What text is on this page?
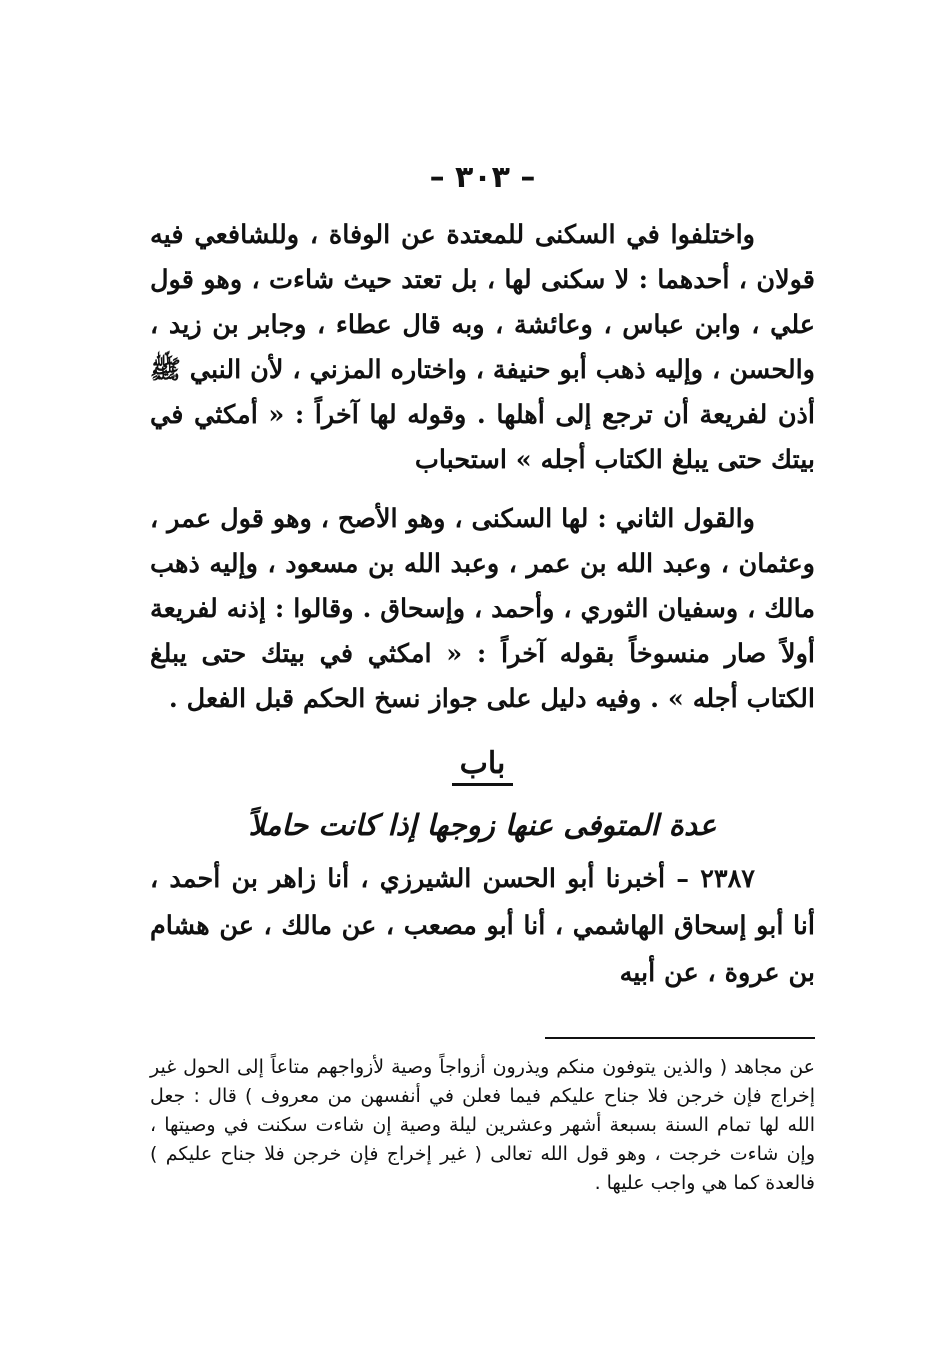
– ٣٠٣ –

واختلفوا في السكنى للمعتدة عن الوفاة ، وللشافعي فيه قولان ، أحدهما : لا سكنى لها ، بل تعتد حيث شاءت ، وهو قول علي ، وابن عباس ، وعائشة ، وبه قال عطاء ، وجابر بن زيد ، والحسن ، وإليه ذهب أبو حنيفة ، واختاره المزني ، لأن النبي ﷺ أذن لفريعة أن ترجع إلى أهلها . وقوله لها آخراً : « أمكثي في بيتك حتى يبلغ الكتاب أجله » استحباب

والقول الثاني : لها السكنى ، وهو الأصح ، وهو قول عمر ، وعثمان ، وعبد الله بن عمر ، وعبد الله بن مسعود ، وإليه ذهب مالك ، وسفيان الثوري ، وأحمد ، وإسحاق . وقالوا : إذنه لفريعة أولاً صار منسوخاً بقوله آخراً : « امكثي في بيتك حتى يبلغ الكتاب أجله » . وفيه دليل على جواز نسخ الحكم قبل الفعل .

باب
عدة المتوفى عنها زوجها إذا كانت حاملاً

٢٣٨٧ – أخبرنا أبو الحسن الشيرزي ، أنا زاهر بن أحمد ، أنا أبو إسحاق الهاشمي ، أنا أبو مصعب ، عن مالك ، عن هشام بن عروة ، عن أبيه

عن مجاهد ( والذين يتوفون منكم ويذرون أزواجاً وصية لأزواجهم متاعاً إلى الحول غير إخراج فإن خرجن فلا جناح عليكم فيما فعلن في أنفسهن من معروف ) قال : جعل الله لها تمام السنة بسبعة أشهر وعشرين ليلة وصية إن شاءت سكنت في وصيتها ، وإن شاءت خرجت ، وهو قول الله تعالى ( غير إخراج فإن خرجن فلا جناح عليكم ) فالعدة كما هي واجب عليها .
